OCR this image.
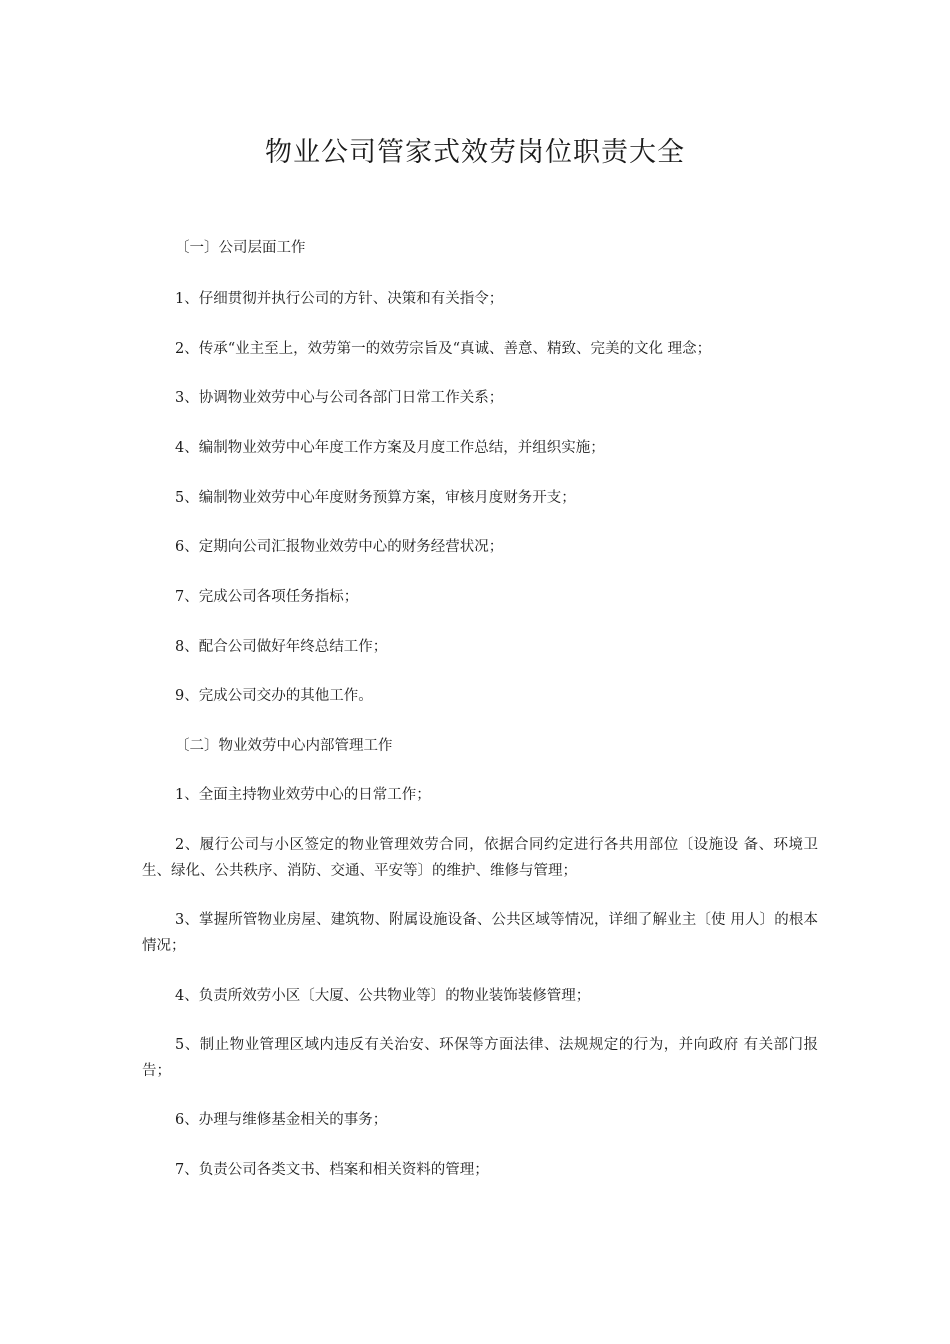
物业公司管家式效劳岗位职责大全

〔一〕公司层面工作

1、仔细贯彻并执行公司的方针、决策和有关指令；

2、传承“业主至上，效劳第一的效劳宗旨及“真诚、善意、精致、完美的文化 理念；

3、协调物业效劳中心与公司各部门日常工作关系；

4、编制物业效劳中心年度工作方案及月度工作总结，并组织实施；

5、编制物业效劳中心年度财务预算方案，审核月度财务开支；

6、定期向公司汇报物业效劳中心的财务经营状况；

7、完成公司各项任务指标；

8、配合公司做好年终总结工作；

9、完成公司交办的其他工作。

〔二〕物业效劳中心内部管理工作

1、全面主持物业效劳中心的日常工作；

2、履行公司与小区签定的物业管理效劳合同，依据合同约定进行各共用部位〔设施设 备、环境卫生、绿化、公共秩序、消防、交通、平安等〕的维护、维修与管理；

3、掌握所管物业房屋、建筑物、附属设施设备、公共区域等情况，详细了解业主〔使 用人〕的根本情况；

4、负责所效劳小区〔大厦、公共物业等〕的物业装饰装修管理；

5、制止物业管理区域内违反有关治安、环保等方面法律、法规规定的行为，并向政府 有关部门报告；

6、办理与维修基金相关的事务；

7、负责公司各类文书、档案和相关资料的管理；
